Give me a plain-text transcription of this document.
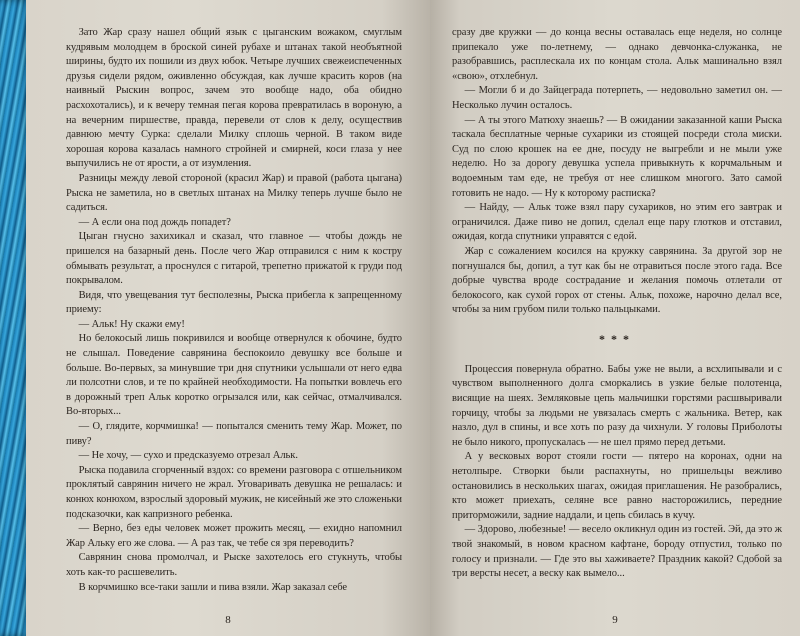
Зато Жар сразу нашел общий язык с цыганским вожаком, смуглым кудрявым молодцем в броской синей рубахе и штанах такой необъятной ширины, будто их пошили из двух юбок. Четыре лучших свежеиспеченных друзья сидели рядом, оживленно обсуждая, как лучше красить коров (на наивный Рыскин вопрос, зачем это вообще надо, оба обидно расхохотались), и к вечеру темная пегая корова превратилась в вороную, а на вечерним пиршестве, правда, перевели от слов к делу, осуществив давнюю мечту Сурка: сделали Милку сплошь черной. В таком виде хорошая корова казалась намного стройней и смирней, коси глаза у нее выпучились не от ярости, а от изумления.

Разницы между левой стороной (красил Жар) и правой (работа цыгана) Рыска не заметила, но в светлых штанах на Милку теперь лучше было не садиться.

— А если она под дождь попадет?

Цыган гнусно захихикал и сказал, что главное — чтобы дождь не пришелся на базарный день. После чего Жар отправился с ним к костру обмывать результат, а проснулся с гитарой, трепетно прижатой к груди под покрывалом.

Видя, что увещевания тут бесполезны, Рыска прибегла к запрещенному приему:

— Альк! Ну скажи ему!

Но белокосый лишь покривился и вообще отвернулся к обочине, будто не слышал. Поведение саврянина беспокоило девушку все больше и больше. Во-первых, за минувшие три дня спутники услышали от него едва ли полсотни слов, и те по крайней необходимости. На попытки вовлечь его в дорожный треп Альк коротко огрызался или, как сейчас, отмалчивался. Во-вторых...

— О, глядите, корчмишка! — попытался сменить тему Жар. Может, по пиву?

— Не хочу, — сухо и предсказуемо отрезал Альк.

Рыска подавила сгорченный вздох: со времени разговора с отшельником проклятый саврянин ничего не жрал. Уговаривать девушка не решалась: и конюх конюхом, взрослый здоровый мужик, не кисейный же это сложеньки подсказочки, как капризного ребенка.

— Верно, без еды человек может прожить месяц, — ехидно напомнил Жар Альку его же слова. — А раз так, че тебе ся зря переводить?

Саврянин снова промолчал, и Рыске захотелось его стукнуть, чтобы хоть как-то расшевелить.

В корчмишко все-таки зашли и пива взяли. Жар заказал себе

8

сразу две кружки — до конца весны оставалась еще неделя, но солнце припекало уже по-летнему, — однако девчонка-служанка, не разобравшись, расплескала их по концам стола. Альк машинально взял «свою», отхлебнул.

— Могли б и до Зайцеграда потерпеть, — недовольно заметил он. — Несколько лучин осталось.

— А ты этого Матюху знаешь? — В ожидании заказанной каши Рыска таскала бесплатные черные сухарики из стоящей посреди стола миски. Суд по слою крошек на ее дне, посуду не выгребли и не мыли уже неделю. Но за дорогу девушка успела привыкнуть к корчмальным и водоемным там еде, не требуя от нее слишком многого. Зато самой готовить не надо. — Ну к которому расписка?

— Найду, — Альк тоже взял пару сухариков, но этим его завтрак и ограничился. Даже пиво не допил, сделал еще пару глотков и отставил, ожидая, когда спутники управятся с едой.

Жар с сожалением косился на кружку саврянина. За другой зор не погнушался бы, допил, а тут как бы не отравиться после этого гада. Все добрые чувства вроде сострадание и желания помочь отлетали от белокосого, как сухой горох от стены. Альк, похоже, нарочно делал все, чтобы за ним грубом пили только пальцыками.

***

Процессия повернула обратно. Бабы уже не выли, а всхлипывали и с чувством выполненного долга сморкались в узкие белые полотенца, висящие на шеях. Земляковые цепь мальчишки горстями расшвыривали горчицу, чтобы за людьми не увязалась смерть с жальника. Ветер, как назло, дул в спины, и все хоть по разу да чихнули. У головы Приболоты не было никого, пропускалась — не шел прямо перед детьми.

А у весковых ворот стояли гости — пятеро на коронах, одни на нетолпыре. Створки были распахнуты, но пришельцы вежливо остановились в нескольких шагах, ожидая приглашения. Не разобрались, кто может приехать, селяне все равно насторожились, передние приторможили, задние наддали, и цепь сбилась в кучу.

— Здорово, любезные! — весело окликнул один из гостей. Эй, да это ж твой знакомый, в новом красном кафтане, бороду отпустил, только по голосу и признали. — Где это вы хаживаете? Праздник какой? Сдобой за три версты несет, а веску как вымело...

9
